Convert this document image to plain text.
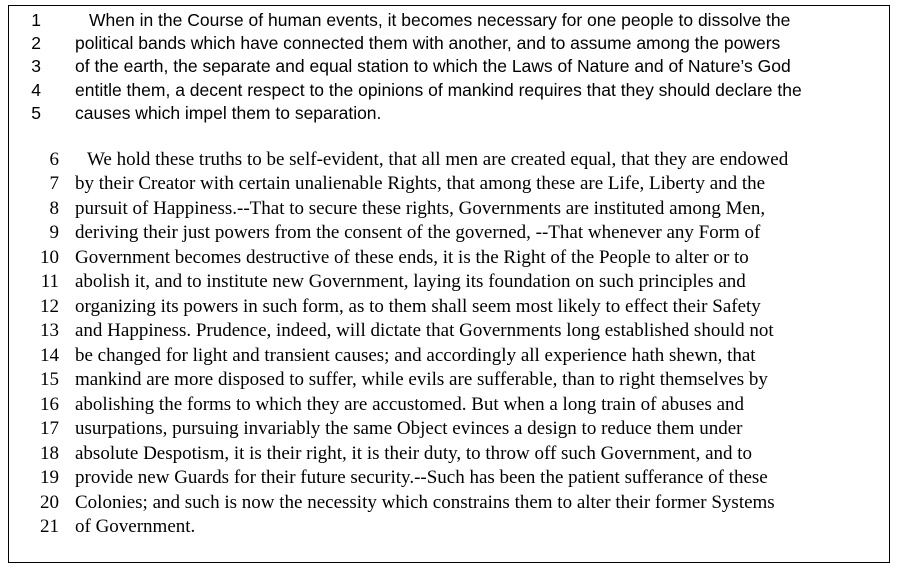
1	When in the Course of human events, it becomes necessary for one people to dissolve the
2 political bands which have connected them with another, and to assume among the powers
3 of the earth, the separate and equal station to which the Laws of Nature and of Nature’s God
4 entitle them, a decent respect to the opinions of mankind requires that they should declare the
5 causes which impel them to separation.
6 We hold these truths to be self-evident, that all men are created equal, that they are endowed
7 by their Creator with certain unalienable Rights, that among these are Life, Liberty and the
8 pursuit of Happiness.--That to secure these rights, Governments are instituted among Men,
9 deriving their just powers from the consent of the governed, --That whenever any Form of
10 Government becomes destructive of these ends, it is the Right of the People to alter or to
11 abolish it, and to institute new Government, laying its foundation on such principles and
12 organizing its powers in such form, as to them shall seem most likely to effect their Safety
13 and Happiness. Prudence, indeed, will dictate that Governments long established should not
14 be changed for light and transient causes; and accordingly all experience hath shewn, that
15 mankind are more disposed to suffer, while evils are sufferable, than to right themselves by
16 abolishing the forms to which they are accustomed. But when a long train of abuses and
17 usurpations, pursuing invariably the same Object evinces a design to reduce them under
18 absolute Despotism, it is their right, it is their duty, to throw off such Government, and to
19 provide new Guards for their future security.--Such has been the patient sufferance of these
20 Colonies; and such is now the necessity which constrains them to alter their former Systems
21 of Government.
